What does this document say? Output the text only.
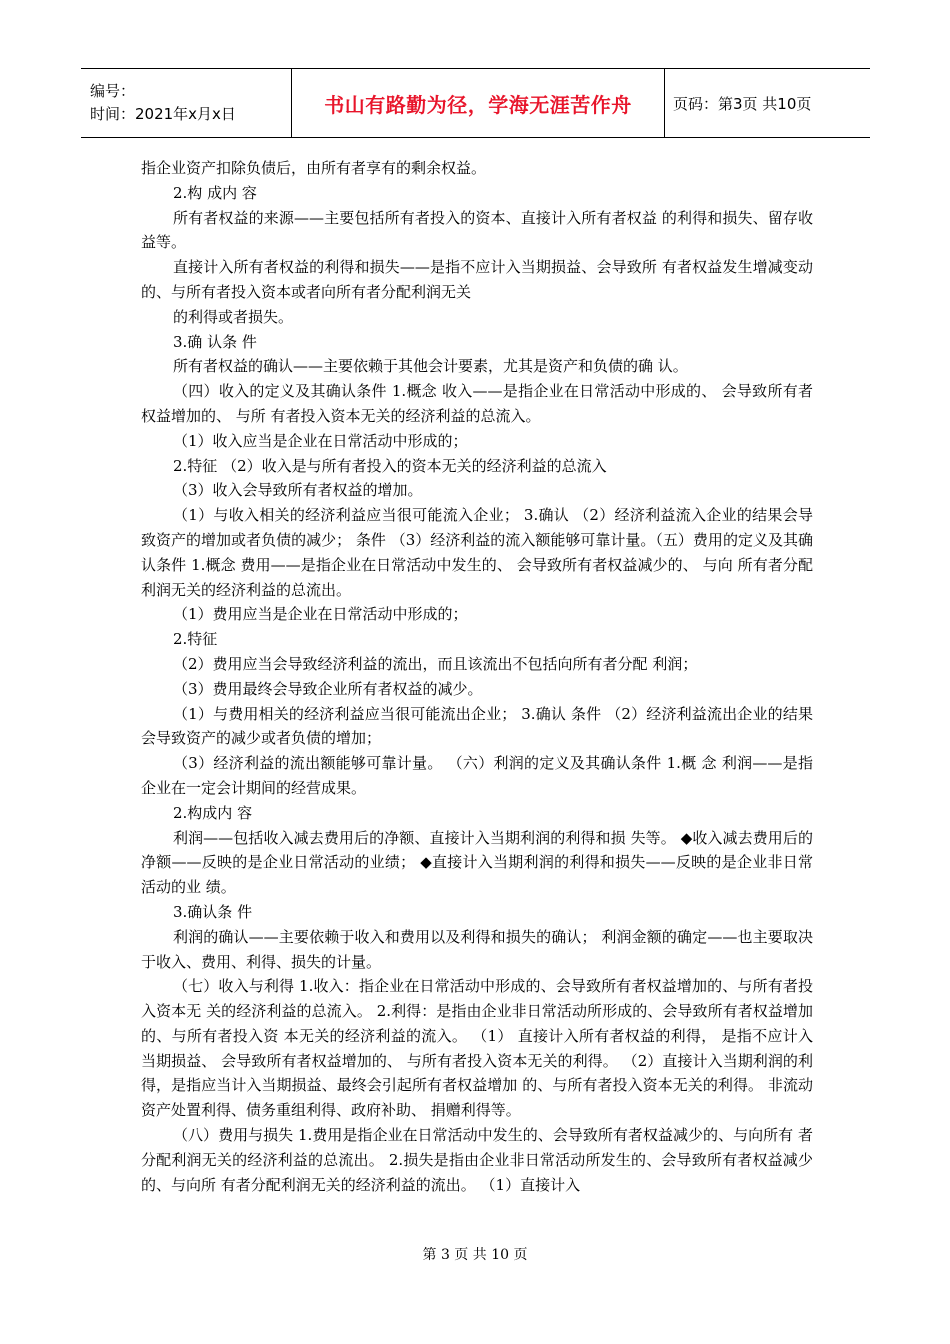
编号：
时间：2021年x月x日	书山有路勤为径，学海无涯苦作舟	页码：第3页 共10页

指企业资产扣除负债后，由所有者享有的剩余权益。

2.构 成内 容

所有者权益的来源——主要包括所有者投入的资本、直接计入所有者权益 的利得和损失、留存收益等。

直接计入所有者权益的利得和损失——是指不应计入当期损益、会导致所 有者权益发生增减变动的、与所有者投入资本或者向所有者分配利润无关

的利得或者损失。

3.确 认条 件

所有者权益的确认——主要依赖于其他会计要素，尤其是资产和负债的确 认。

（四）收入的定义及其确认条件 1.概念 收入——是指企业在日常活动中形成的、 会导致所有者权益增加的、 与所 有者投入资本无关的经济利益的总流入。

（1）收入应当是企业在日常活动中形成的；

2.特征 （2）收入是与所有者投入的资本无关的经济利益的总流入

（3）收入会导致所有者权益的增加。

（1）与收入相关的经济利益应当很可能流入企业； 3.确认 （2）经济利益流入企业的结果会导致资产的增加或者负债的减少； 条件 （3）经济利益的流入额能够可靠计量。（五）费用的定义及其确认条件 1.概念 费用——是指企业在日常活动中发生的、 会导致所有者权益减少的、 与向 所有者分配利润无关的经济利益的总流出。

（1）费用应当是企业在日常活动中形成的；

2.特征

（2）费用应当会导致经济利益的流出，而且该流出不包括向所有者分配 利润；

（3）费用最终会导致企业所有者权益的减少。

（1）与费用相关的经济利益应当很可能流出企业； 3.确认 条件 （2）经济利益流出企业的结果会导致资产的减少或者负债的增加；

（3）经济利益的流出额能够可靠计量。 （六）利润的定义及其确认条件 1.概 念 利润——是指企业在一定会计期间的经营成果。

2.构成内 容

利润——包括收入减去费用后的净额、直接计入当期利润的利得和损 失等。 ◆收入减去费用后的净额——反映的是企业日常活动的业绩； ◆直接计入当期利润的利得和损失——反映的是企业非日常活动的业 绩。

3.确认条 件

利润的确认——主要依赖于收入和费用以及利得和损失的确认； 利润金额的确定——也主要取决于收入、费用、利得、损失的计量。

（七）收入与利得 1.收入：指企业在日常活动中形成的、会导致所有者权益增加的、与所有者投入资本无 关的经济利益的总流入。 2.利得：是指由企业非日常活动所形成的、会导致所有者权益增加的、与所有者投入资 本无关的经济利益的流入。 （1） 直接计入所有者权益的利得， 是指不应计入当期损益、 会导致所有者权益增加的、 与所有者投入资本无关的利得。 （2）直接计入当期利润的利得，是指应当计入当期损益、最终会引起所有者权益增加 的、与所有者投入资本无关的利得。 非流动资产处置利得、债务重组利得、政府补助、 捐赠利得等。

（八）费用与损失 1.费用是指企业在日常活动中发生的、会导致所有者权益减少的、与向所有 者分配利润无关的经济利益的总流出。 2.损失是指由企业非日常活动所发生的、会导致所有者权益减少的、与向所 有者分配利润无关的经济利益的流出。 （1）直接计入

第 3 页 共 10 页
